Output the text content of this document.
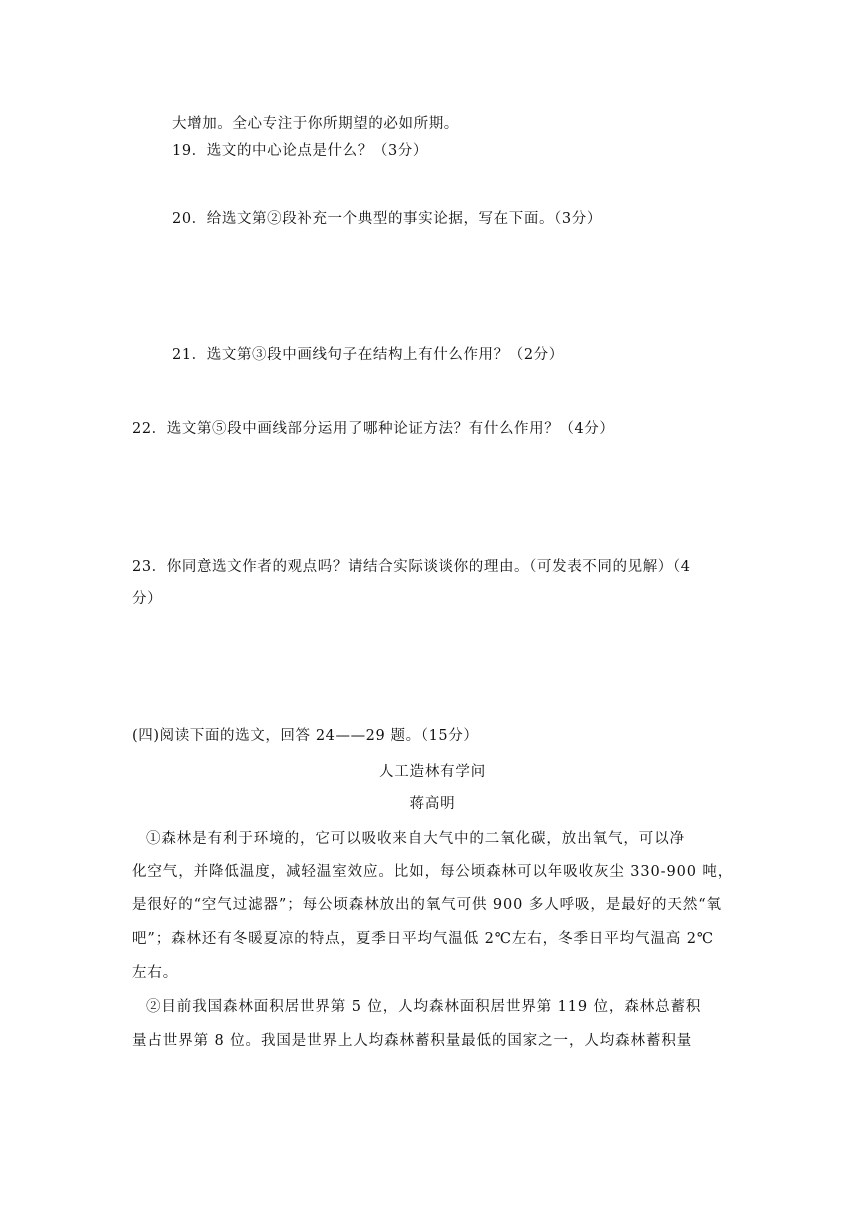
大增加。全心专注于你所期望的必如所期。
19．选文的中心论点是什么？（3分）
20．给选文第②段补充一个典型的事实论据，写在下面。（3分）
21．选文第③段中画线句子在结构上有什么作用？（2分）
22．选文第⑤段中画线部分运用了哪种论证方法？有什么作用？（4分）
23．你同意选文作者的观点吗？请结合实际谈谈你的理由。（可发表不同的见解）（4
分）
(四)阅读下面的选文，回答 24——29 题。（15分）
人工造林有学问
蒋高明
①森林是有利于环境的，它可以吸收来自大气中的二氧化碳，放出氧气，可以净
化空气，并降低温度，减轻温室效应。比如，每公顷森林可以年吸收灰尘 330-900 吨，
是很好的“空气过滤器”；每公顷森林放出的氧气可供 900 多人呼吸，是最好的天然“氧
吧”；森林还有冬暖夏凉的特点，夏季日平均气温低 2℃左右，冬季日平均气温高 2℃
左右。
②目前我国森林面积居世界第 5 位，人均森林面积居世界第 119 位，森林总蓄积
量占世界第 8 位。我国是世界上人均森林蓄积量最低的国家之一，人均森林蓄积量
